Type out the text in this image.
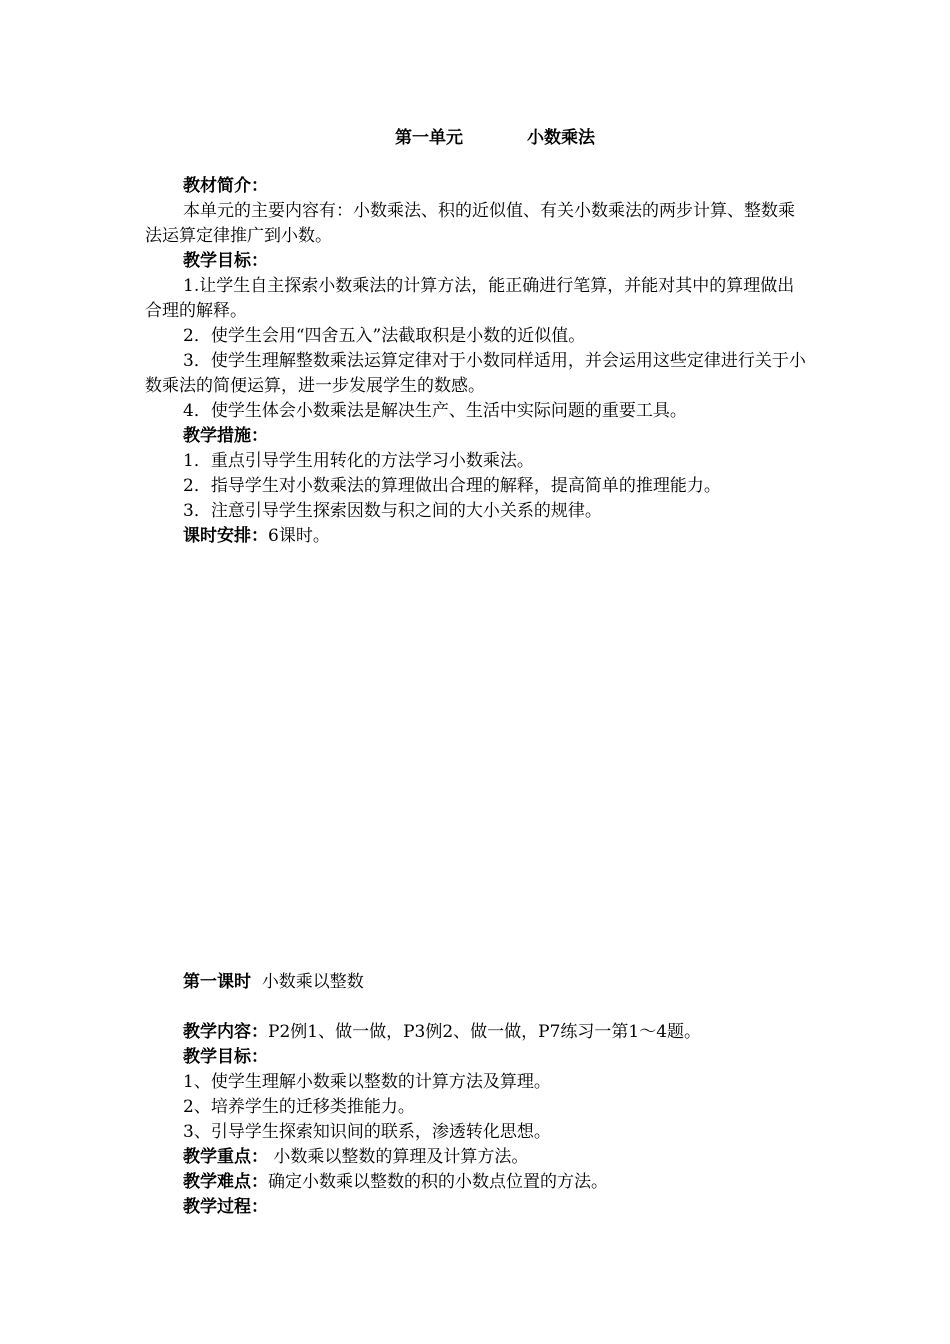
第一单元	小数乘法
教材简介：
本单元的主要内容有：小数乘法、积的近似值、有关小数乘法的两步计算、整数乘法运算定律推广到小数。
教学目标：
1.让学生自主探索小数乘法的计算方法，能正确进行笔算，并能对其中的算理做出合理的解释。
2．使学生会用“四舍五入”法截取积是小数的近似值。
3．使学生理解整数乘法运算定律对于小数同样适用，并会运用这些定律进行关于小数乘法的简便运算，进一步发展学生的数感。
4．使学生体会小数乘法是解决生产、生活中实际问题的重要工具。
教学措施：
1．重点引导学生用转化的方法学习小数乘法。
2．指导学生对小数乘法的算理做出合理的解释，提高简单的推理能力。
3．注意引导学生探索因数与积之间的大小关系的规律。
课时安排：6课时。
第一课时 小数乘以整数
教学内容：P2例1、做一做，P3例2、做一做，P7练习一第1～4题。
教学目标：
1、使学生理解小数乘以整数的计算方法及算理。
2、培养学生的迁移类推能力。
3、引导学生探索知识间的联系，渗透转化思想。
教学重点： 小数乘以整数的算理及计算方法。
教学难点：确定小数乘以整数的积的小数点位置的方法。
教学过程：
